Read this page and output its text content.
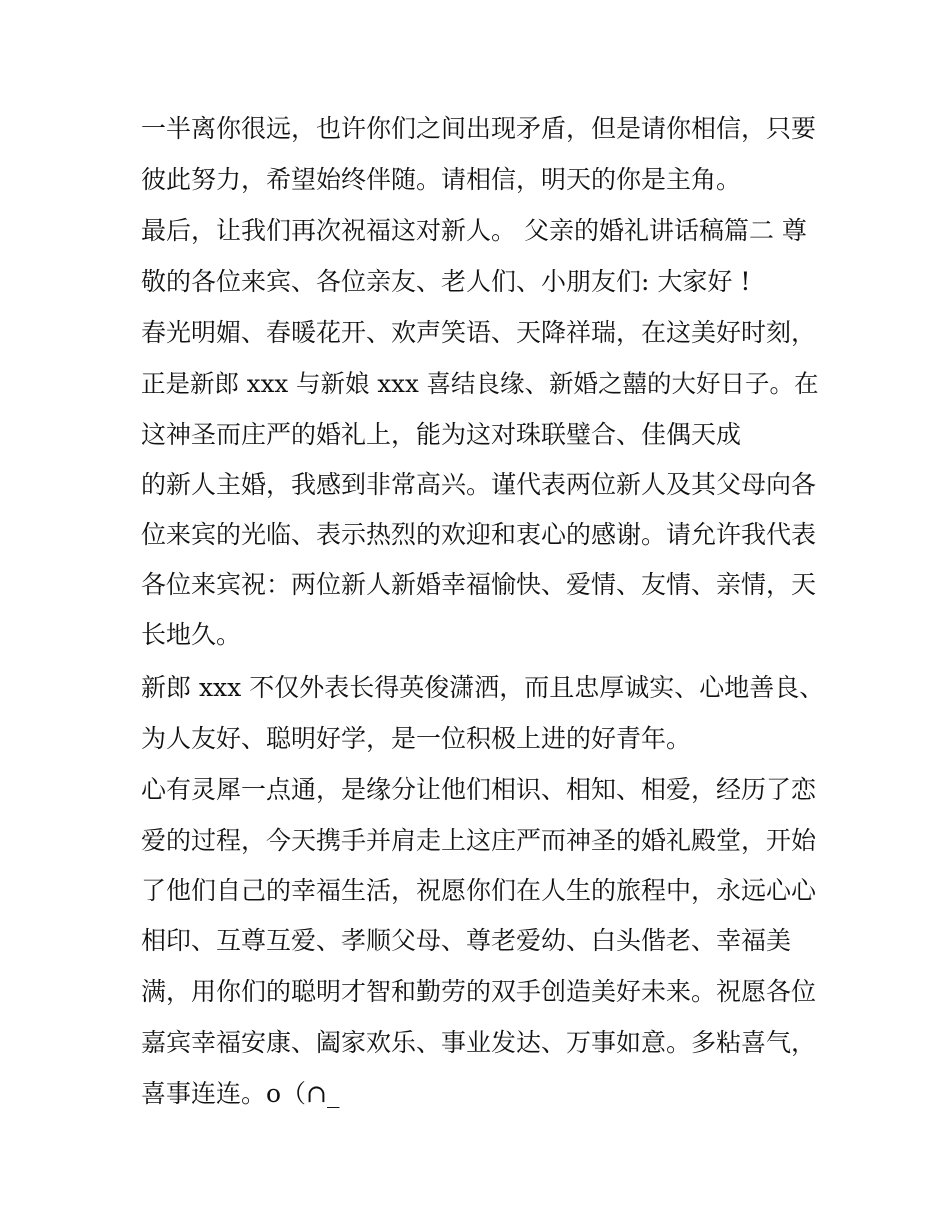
一半离你很远，也许你们之间出现矛盾，但是请你相信，只要
彼此努力，希望始终伴随。请相信，明天的你是主角。
最后，让我们再次祝福这对新人。 父亲的婚礼讲话稿篇二 尊
敬的各位来宾、各位亲友、老人们、小朋友们: 大家好 !
春光明媚、春暖花开、欢声笑语、天降祥瑞，在这美好时刻，
正是新郎 xxx 与新娘 xxx 喜结良缘、新婚之囍的大好日子。在
这神圣而庄严的婚礼上，能为这对珠联璧合、佳偶天成
的新人主婚，我感到非常高兴。谨代表两位新人及其父母向各
位来宾的光临、表示热烈的欢迎和衷心的感谢。请允许我代表
各位来宾祝：两位新人新婚幸福愉快、爱情、友情、亲情，天
长地久。
新郎 xxx 不仅外表长得英俊潇洒，而且忠厚诚实、心地善良、
为人友好、聪明好学，是一位积极上进的好青年。
心有灵犀一点通，是缘分让他们相识、相知、相爱，经历了恋
爱的过程，今天携手并肩走上这庄严而神圣的婚礼殿堂，开始
了他们自己的幸福生活，祝愿你们在人生的旅程中，永远心心
相印、互尊互爱、孝顺父母、尊老爱幼、白头偕老、幸福美
满，用你们的聪明才智和勤劳的双手创造美好未来。祝愿各位
嘉宾幸福安康、阖家欢乐、事业发达、万事如意。多粘喜气，
喜事连连。o（∩_
